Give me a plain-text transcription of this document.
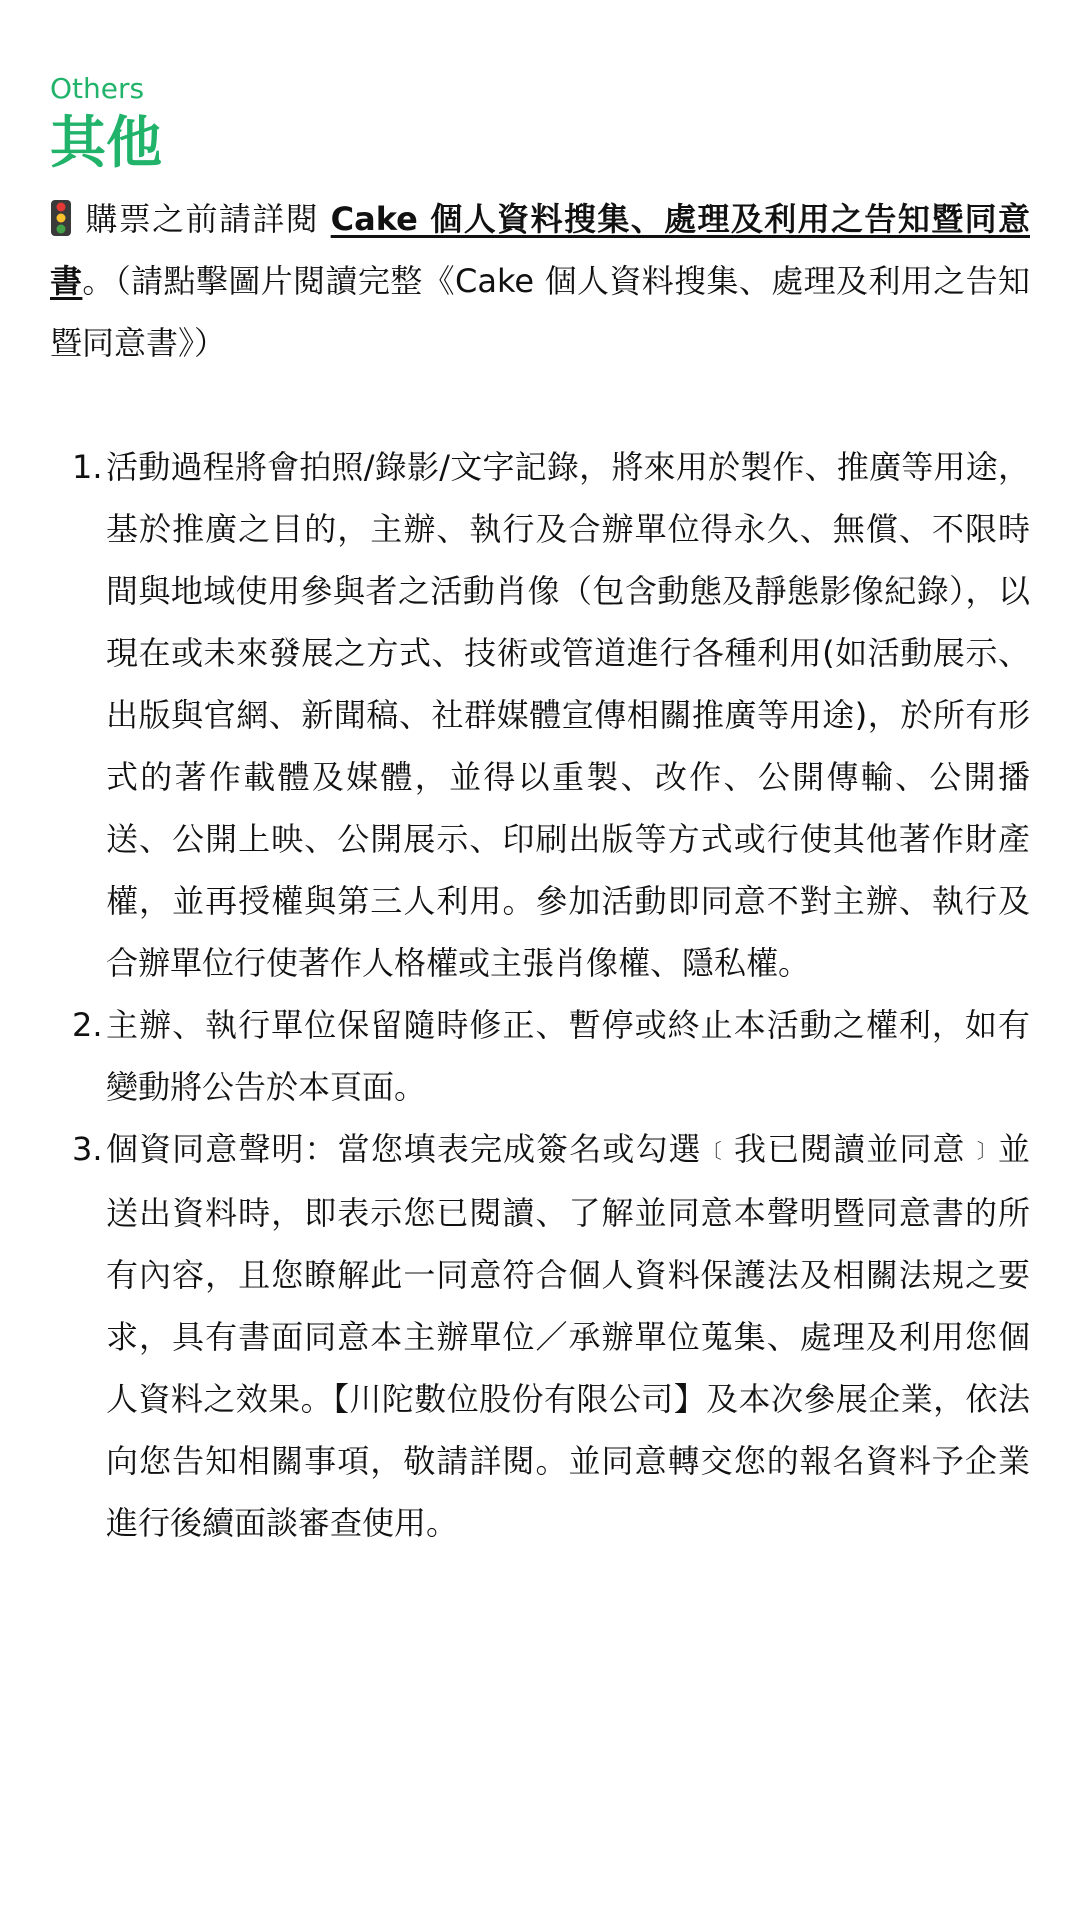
Others

其他

購票之前請詳閱 Cake 個人資料搜集、處理及利用之告知暨同意書。（請點擊圖片閱讀完整《Cake 個人資料搜集、處理及利用之告知暨同意書》）

1. 活動過程將會拍照/錄影/文字記錄，將來用於製作、推廣等用途，基於推廣之目的，主辦、執行及合辦單位得永久、無償、不限時間與地域使用參與者之活動肖像（包含動態及靜態影像紀錄），以現在或未來發展之方式、技術或管道進行各種利用(如活動展示、出版與官網、新聞稿、社群媒體宣傳相關推廣等用途)，於所有形式的著作載體及媒體，並得以重製、改作、公開傳輸、公開播送、公開上映、公開展示、印刷出版等方式或行使其他著作財產權，並再授權與第三人利用。參加活動即同意不對主辦、執行及合辦單位行使著作人格權或主張肖像權、隱私權。
2. 主辦、執行單位保留隨時修正、暫停或終止本活動之權利，如有變動將公告於本頁面。
3. 個資同意聲明：當您填表完成簽名或勾選〔 我已閱讀並同意 〕並送出資料時，即表示您已閱讀、了解並同意本聲明暨同意書的所有內容，且您瞭解此一同意符合個人資料保護法及相關法規之要求，具有書面同意本主辦單位／承辦單位蒐集、處理及利用您個人資料之效果。【川陀數位股份有限公司】及本次參展企業，依法向您告知相關事項，敬請詳閱。並同意轉交您的報名資料予企業進行後續面談審查使用。
